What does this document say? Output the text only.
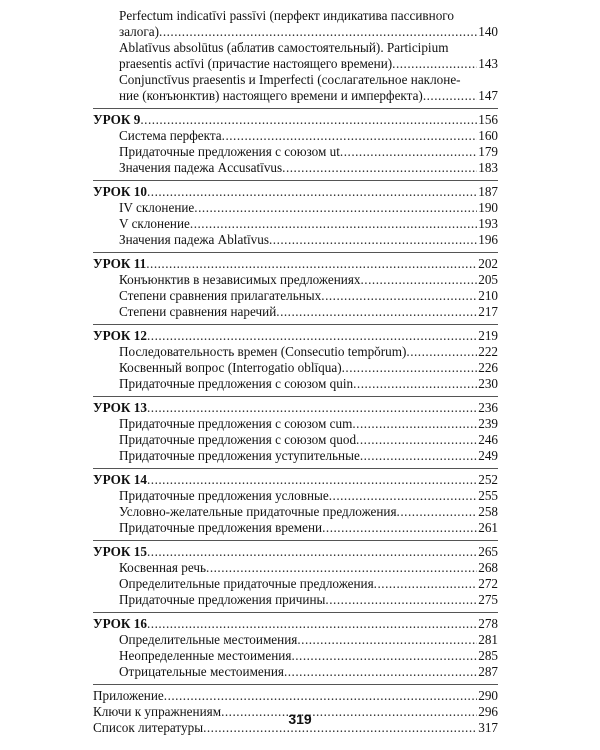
Perfectum indicatīvi passīvi (перфект индикатива пассивного
залога) .....	140
Ablatīvus absolūtus (аблатив самостоятельный). Participium
praesentis actīvi (причастие настоящего времени) .....	143
Conjunctīvus praesentis и Imperfecti (сослагательное наклоне-
ние (конъюнктив) настоящего времени и имперфекта) .....	147
УРОК 9 .....	156
Система перфекта .....	160
Придаточные предложения с союзом ut .....	179
Значения падежа Accusatīvus .....	183
УРОК 10 .....	187
IV склонение .....	190
V склонение .....	193
Значения падежа Ablatīvus .....	196
УРОК 11 .....	202
Конъюнктив в независимых предложениях .....	205
Степени сравнения прилагательных .....	210
Степени сравнения наречий .....	217
УРОК 12 .....	219
Последовательность времен (Consecutio tempŏrum) .....	222
Косвенный вопрос (Interrogatio oblīqua) .....	226
Придаточные предложения с союзом quin .....	230
УРОК 13 .....	236
Придаточные предложения с союзом cum .....	239
Придаточные предложения с союзом quod .....	246
Придаточные предложения уступительные .....	249
УРОК 14 .....	252
Придаточные предложения условные .....	255
Условно-желательные придаточные предложения .....	258
Придаточные предложения времени .....	261
УРОК 15 .....	265
Косвенная речь .....	268
Определительные придаточные предложения .....	272
Придаточные предложения причины .....	275
УРОК 16 .....	278
Определительные местоимения .....	281
Неопределенные местоимения .....	285
Отрицательные местоимения .....	287
Приложение .....	290
Ключи к упражнениям .....	296
Список литературы .....	317
319
